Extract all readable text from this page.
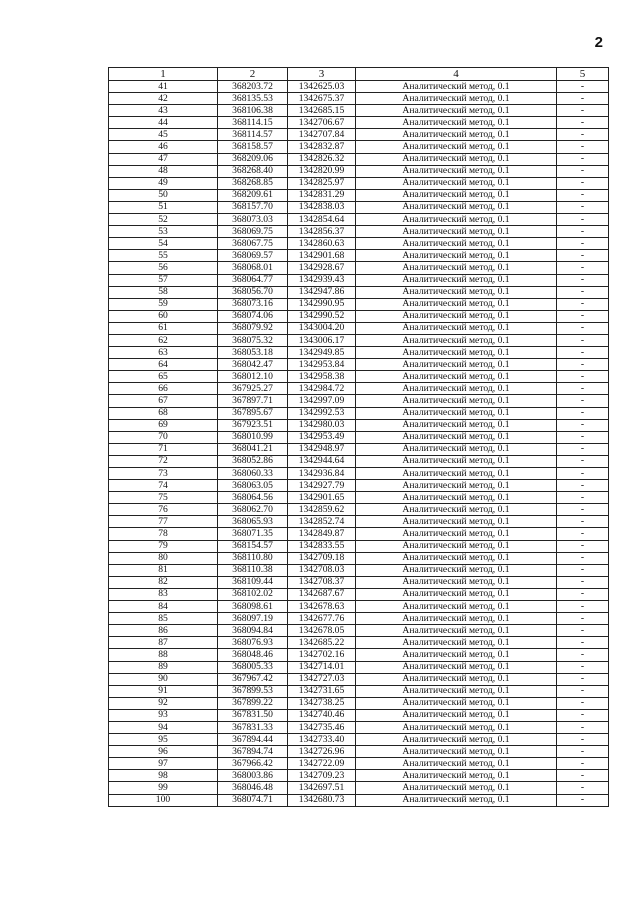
2
1	2	3	4	5
41	368203.72	1342625.03	Аналитический метод, 0.1	-
42	368135.53	1342675.37	Аналитический метод, 0.1	-
43	368106.38	1342685.15	Аналитический метод, 0.1	-
44	368114.15	1342706.67	Аналитический метод, 0.1	-
45	368114.57	1342707.84	Аналитический метод, 0.1	-
46	368158.57	1342832.87	Аналитический метод, 0.1	-
47	368209.06	1342826.32	Аналитический метод, 0.1	-
48	368268.40	1342820.99	Аналитический метод, 0.1	-
49	368268.85	1342825.97	Аналитический метод, 0.1	-
50	368209.61	1342831.29	Аналитический метод, 0.1	-
51	368157.70	1342838.03	Аналитический метод, 0.1	-
52	368073.03	1342854.64	Аналитический метод, 0.1	-
53	368069.75	1342856.37	Аналитический метод, 0.1	-
54	368067.75	1342860.63	Аналитический метод, 0.1	-
55	368069.57	1342901.68	Аналитический метод, 0.1	-
56	368068.01	1342928.67	Аналитический метод, 0.1	-
57	368064.77	1342939.43	Аналитический метод, 0.1	-
58	368056.70	1342947.86	Аналитический метод, 0.1	-
59	368073.16	1342990.95	Аналитический метод, 0.1	-
60	368074.06	1342990.52	Аналитический метод, 0.1	-
61	368079.92	1343004.20	Аналитический метод, 0.1	-
62	368075.32	1343006.17	Аналитический метод, 0.1	-
63	368053.18	1342949.85	Аналитический метод, 0.1	-
64	368042.47	1342953.84	Аналитический метод, 0.1	-
65	368012.10	1342958.38	Аналитический метод, 0.1	-
66	367925.27	1342984.72	Аналитический метод, 0.1	-
67	367897.71	1342997.09	Аналитический метод, 0.1	-
68	367895.67	1342992.53	Аналитический метод, 0.1	-
69	367923.51	1342980.03	Аналитический метод, 0.1	-
70	368010.99	1342953.49	Аналитический метод, 0.1	-
71	368041.21	1342948.97	Аналитический метод, 0.1	-
72	368052.86	1342944.64	Аналитический метод, 0.1	-
73	368060.33	1342936.84	Аналитический метод, 0.1	-
74	368063.05	1342927.79	Аналитический метод, 0.1	-
75	368064.56	1342901.65	Аналитический метод, 0.1	-
76	368062.70	1342859.62	Аналитический метод, 0.1	-
77	368065.93	1342852.74	Аналитический метод, 0.1	-
78	368071.35	1342849.87	Аналитический метод, 0.1	-
79	368154.57	1342833.55	Аналитический метод, 0.1	-
80	368110.80	1342709.18	Аналитический метод, 0.1	-
81	368110.38	1342708.03	Аналитический метод, 0.1	-
82	368109.44	1342708.37	Аналитический метод, 0.1	-
83	368102.02	1342687.67	Аналитический метод, 0.1	-
84	368098.61	1342678.63	Аналитический метод, 0.1	-
85	368097.19	1342677.76	Аналитический метод, 0.1	-
86	368094.84	1342678.05	Аналитический метод, 0.1	-
87	368076.93	1342685.22	Аналитический метод, 0.1	-
88	368048.46	1342702.16	Аналитический метод, 0.1	-
89	368005.33	1342714.01	Аналитический метод, 0.1	-
90	367967.42	1342727.03	Аналитический метод, 0.1	-
91	367899.53	1342731.65	Аналитический метод, 0.1	-
92	367899.22	1342738.25	Аналитический метод, 0.1	-
93	367831.50	1342740.46	Аналитический метод, 0.1	-
94	367831.33	1342735.46	Аналитический метод, 0.1	-
95	367894.44	1342733.40	Аналитический метод, 0.1	-
96	367894.74	1342726.96	Аналитический метод, 0.1	-
97	367966.42	1342722.09	Аналитический метод, 0.1	-
98	368003.86	1342709.23	Аналитический метод, 0.1	-
99	368046.48	1342697.51	Аналитический метод, 0.1	-
100	368074.71	1342680.73	Аналитический метод, 0.1	-
